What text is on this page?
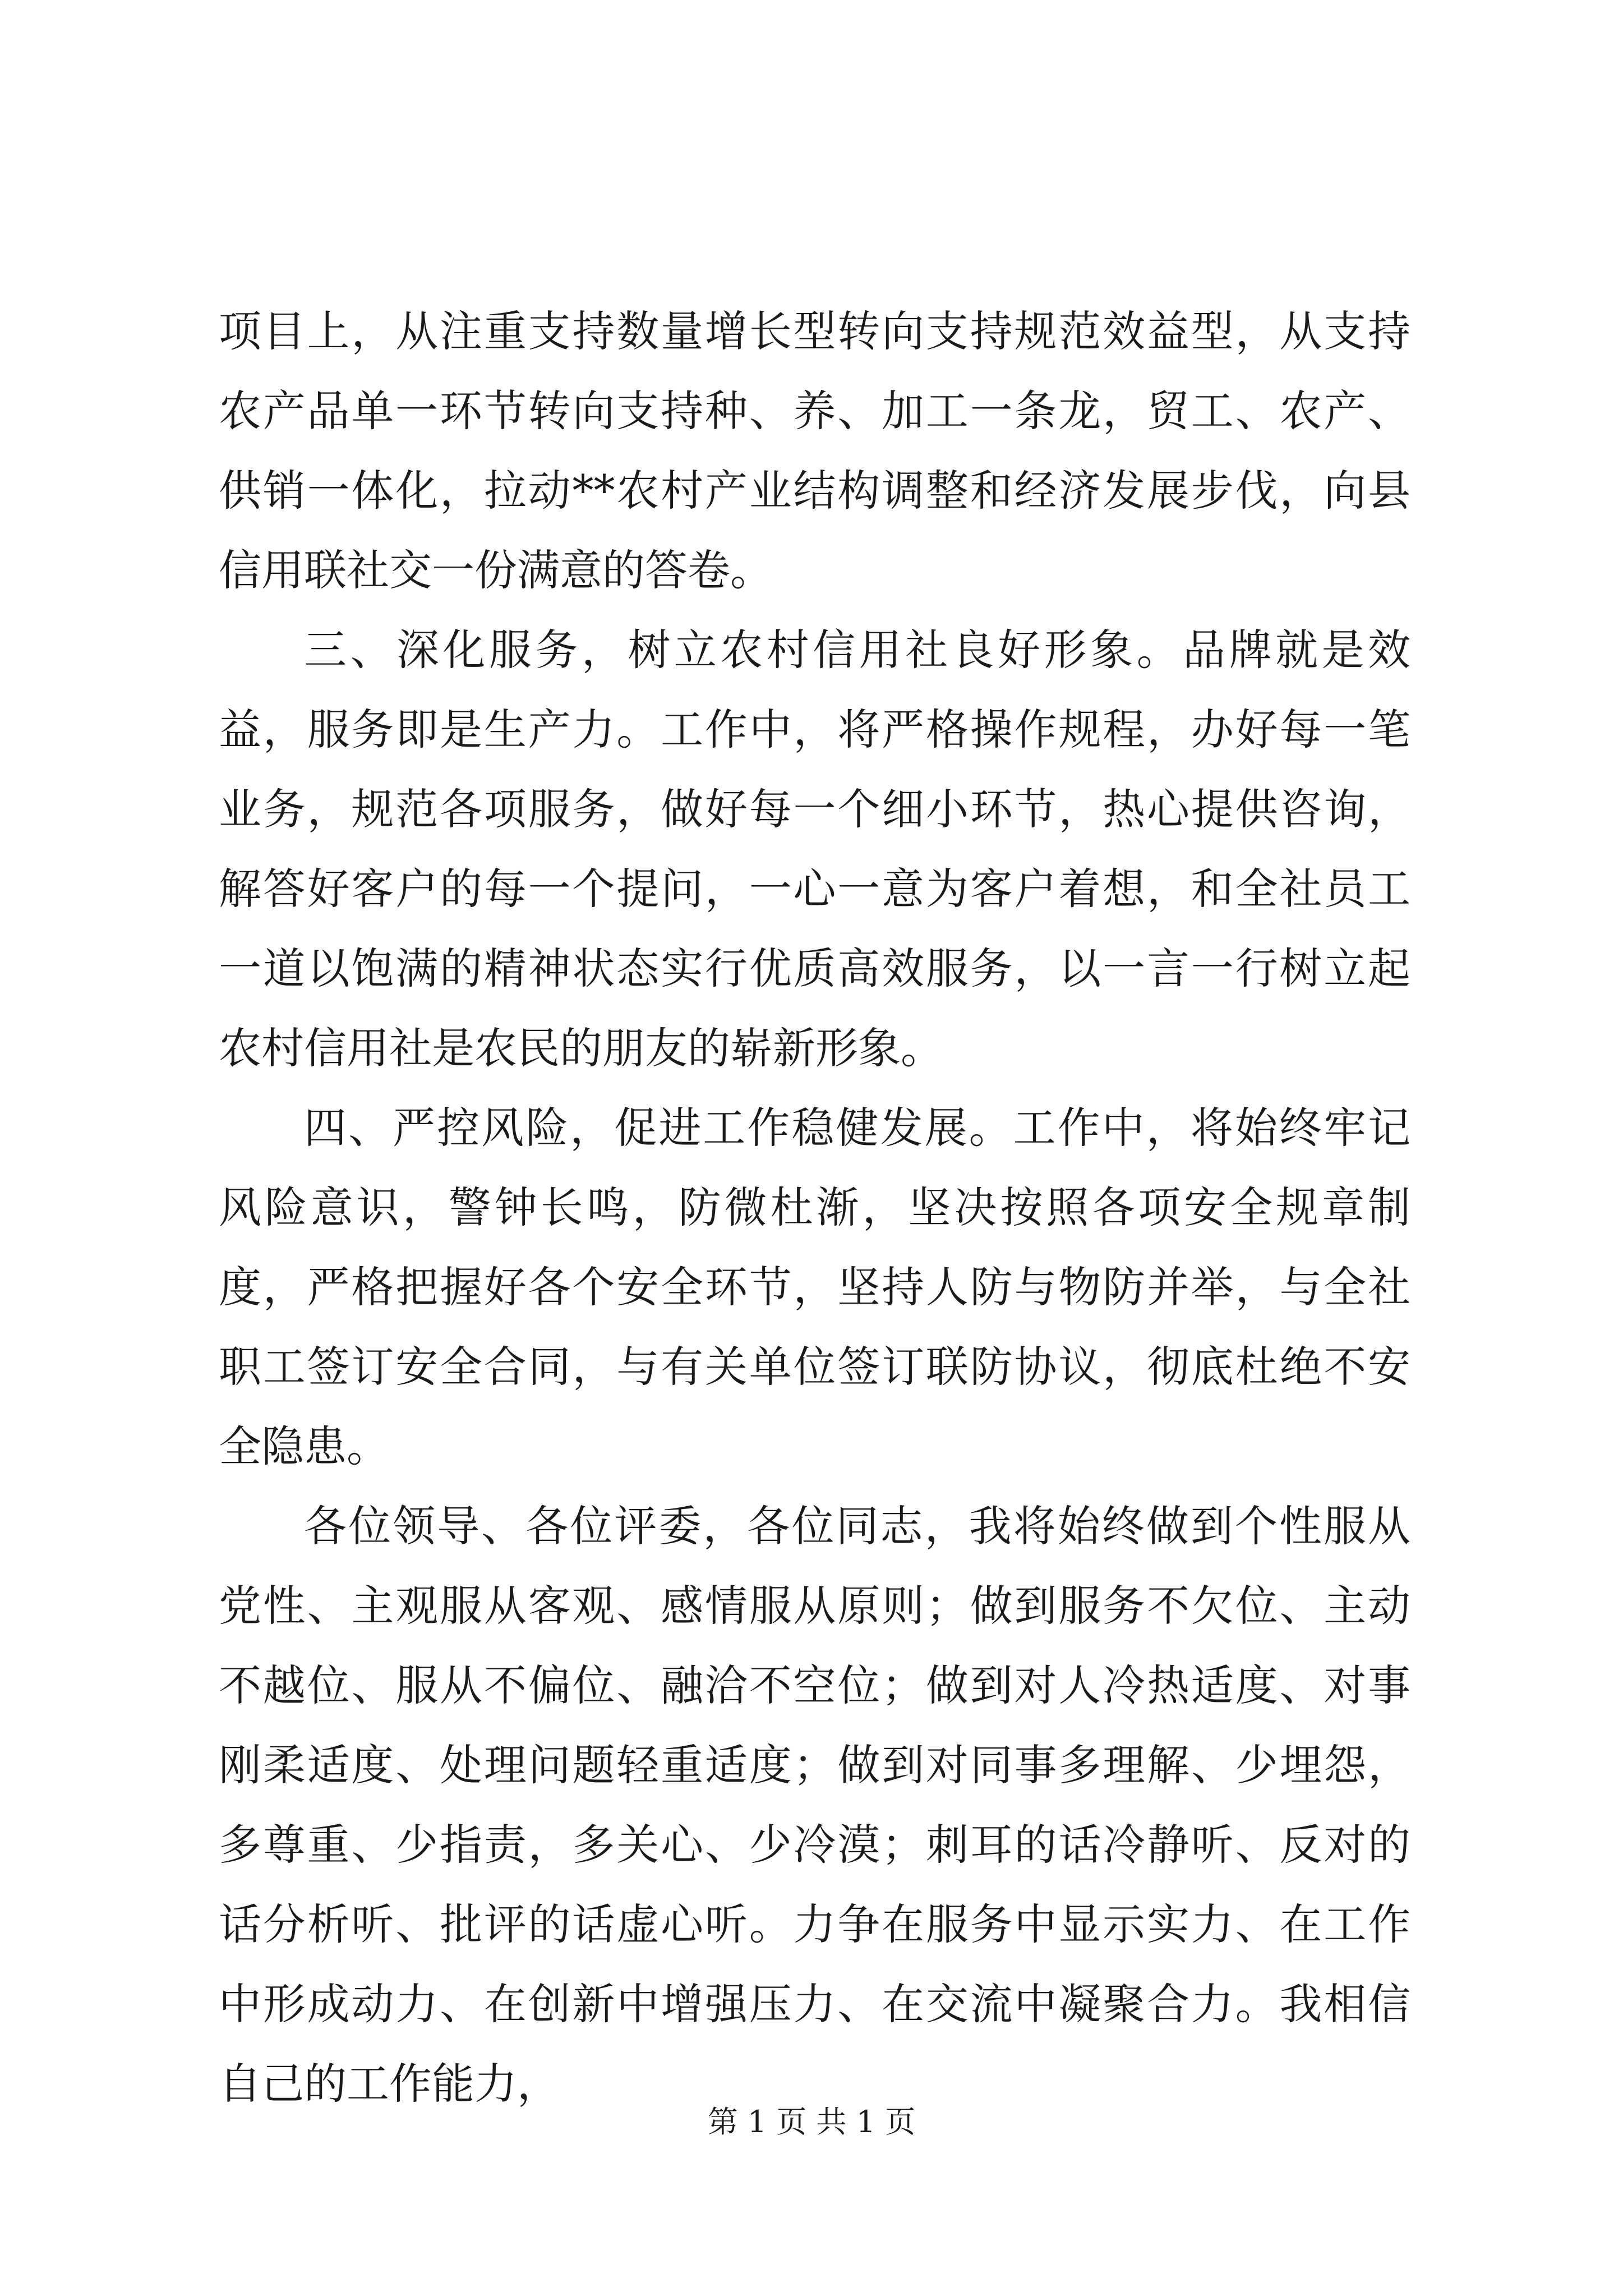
项目上，从注重支持数量增长型转向支持规范效益型，从支持农产品单一环节转向支持种、养、加工一条龙，贸工、农产、供销一体化，拉动**农村产业结构调整和经济发展步伐，向县信用联社交一份满意的答卷。

三、深化服务，树立农村信用社良好形象。品牌就是效益，服务即是生产力。工作中，将严格操作规程，办好每一笔业务，规范各项服务，做好每一个细小环节，热心提供咨询，解答好客户的每一个提问，一心一意为客户着想，和全社员工一道以饱满的精神状态实行优质高效服务，以一言一行树立起农村信用社是农民的朋友的崭新形象。

四、严控风险，促进工作稳健发展。工作中，将始终牢记风险意识，警钟长鸣，防微杜渐，坚决按照各项安全规章制度，严格把握好各个安全环节，坚持人防与物防并举，与全社职工签订安全合同，与有关单位签订联防协议，彻底杜绝不安全隐患。

各位领导、各位评委，各位同志，我将始终做到个性服从党性、主观服从客观、感情服从原则；做到服务不欠位、主动不越位、服从不偏位、融洽不空位；做到对人冷热适度、对事刚柔适度、处理问题轻重适度；做到对同事多理解、少埋怨，多尊重、少指责，多关心、少冷漠；刺耳的话冷静听、反对的话分析听、批评的话虚心听。力争在服务中显示实力、在工作中形成动力、在创新中增强压力、在交流中凝聚合力。我相信自己的工作能力，

第 1 页 共 1 页
